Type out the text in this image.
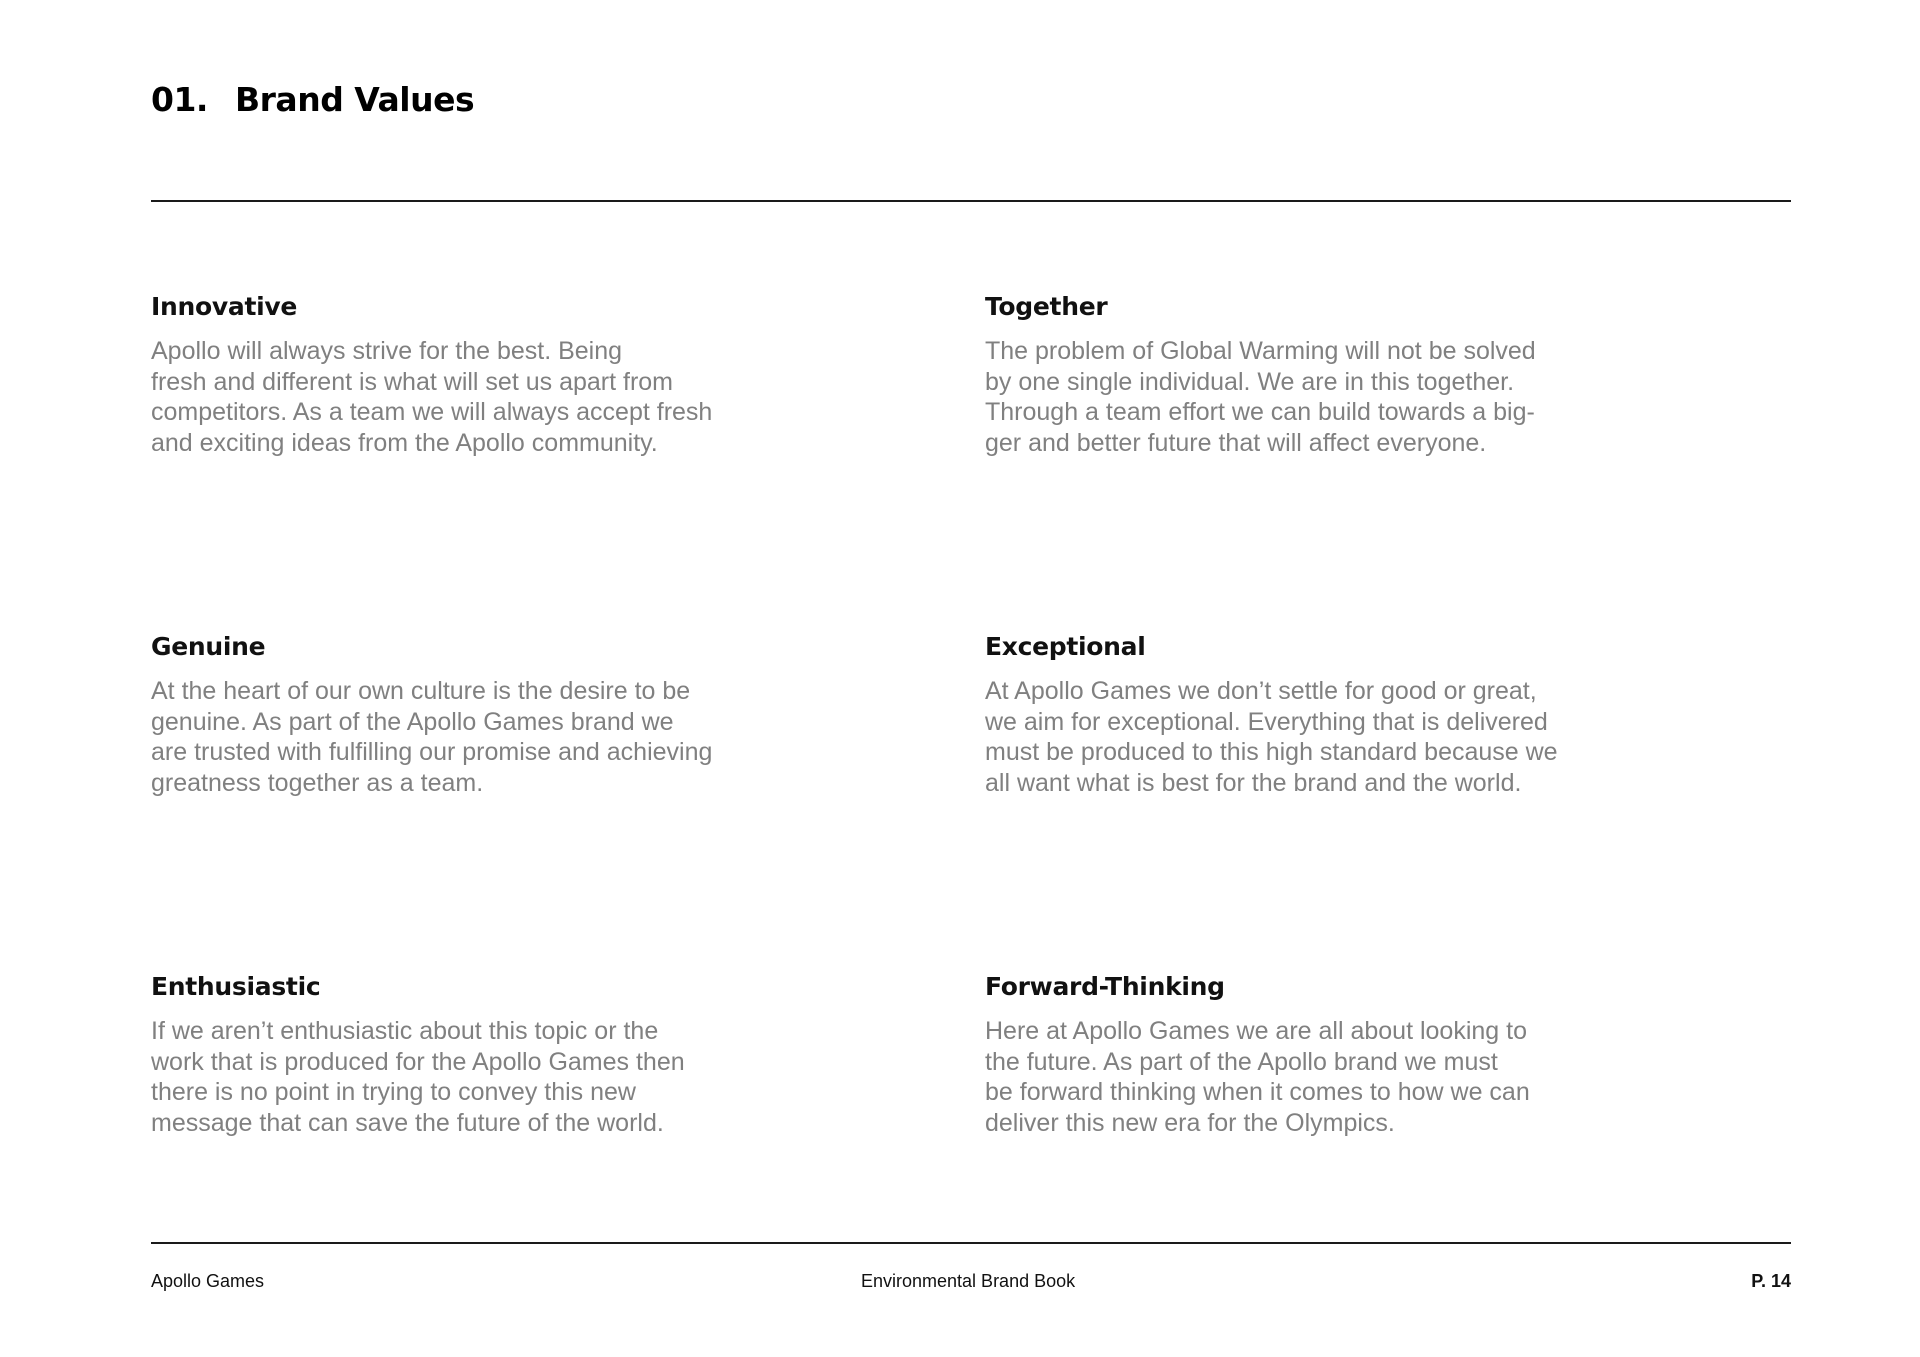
01. Brand Values
Innovative

Apollo will always strive for the best. Being
fresh and different is what will set us apart from
competitors. As a team we will always accept fresh
and exciting ideas from the Apollo community.

Together

The problem of Global Warming will not be solved
by one single individual. We are in this together.
Through a team effort we can build towards a big-
ger and better future that will affect everyone.

Genuine

At the heart of our own culture is the desire to be
genuine. As part of the Apollo Games brand we
are trusted with fulfilling our promise and achieving
greatness together as a team.

Exceptional

At Apollo Games we don’t settle for good or great,
we aim for exceptional. Everything that is delivered
must be produced to this high standard because we
all want what is best for the brand and the world.

Enthusiastic

If we aren’t enthusiastic about this topic or the
work that is produced for the Apollo Games then
there is no point in trying to convey this new
message that can save the future of the world.

Forward-Thinking

Here at Apollo Games we are all about looking to
the future. As part of the Apollo brand we must
be forward thinking when it comes to how we can
deliver this new era for the Olympics.

Apollo Games	Environmental Brand Book	P. 14
